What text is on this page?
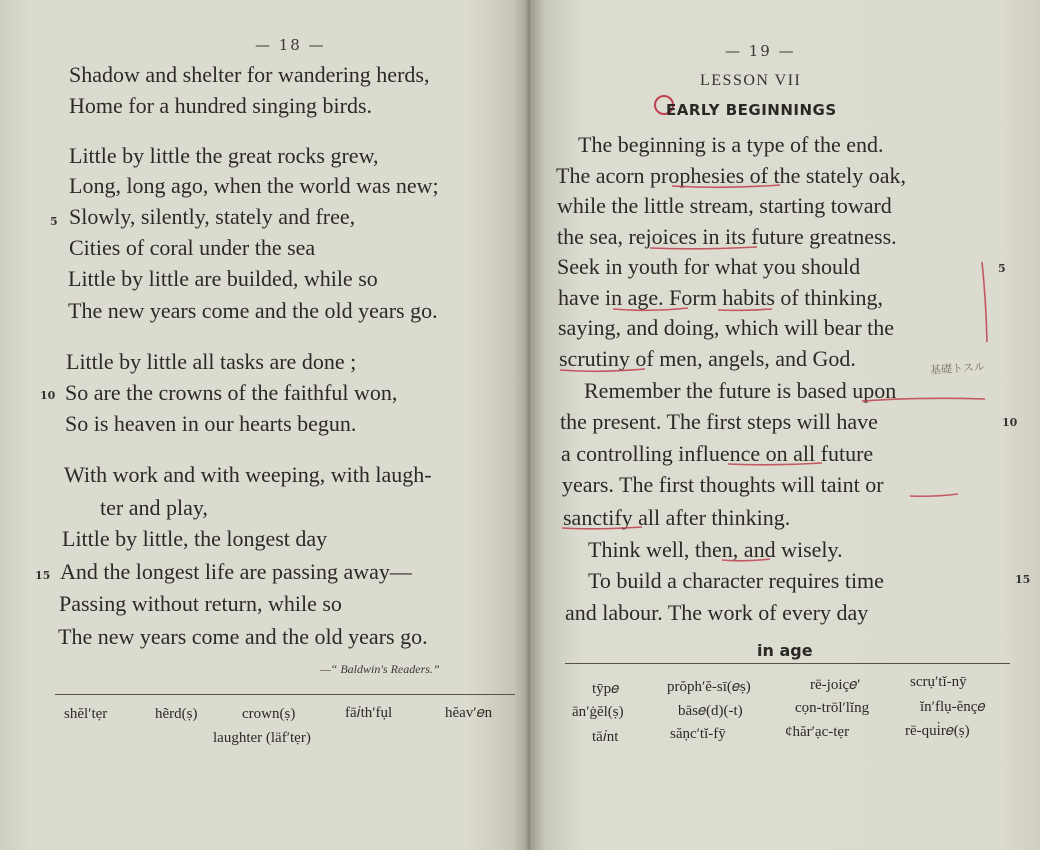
— 18 —
Shadow and shelter for wandering herds,
Home for a hundred singing birds.
Little by little the great rocks grew,
Long, long ago, when the world was new;
5 Slowly, silently, stately and free,
Cities of coral under the sea
Little by little are builded, while so
The new years come and the old years go.
Little by little all tasks are done ;
10 So are the crowns of the faithful won,
So is heaven in our hearts begun.
With work and with weeping, with laugh-
ter and play,
Little by little, the longest day
15 And the longest life are passing away—
Passing without return, while so
The new years come and the old years go.
—“ Baldwin's Readers.”
shĕl′tẹr	hẽrd(ṣ)	crown(ṣ)	fā𝑖th′fụl	hĕav′𝑒n
laughter (läf′tẹr)
— 19 —
LESSON VII
EARLY BEGINNINGS
The beginning is a type of the end.
The acorn prophesies of the stately oak,
while the little stream, starting toward
the sea, rejoices in its future greatness.
Seek in youth for what you should	5
have in age. Form habits of thinking,
saying, and doing, which will bear the
scrutiny of men, angels, and God.	基礎トスル
Remember the future is based upon
the present. The first steps will have	10
a controlling influence on all future
years. The first thoughts will taint or
sanctify all after thinking.
Think well, then, and wisely.
To build a character requires time	15
and labour. The work of every day
in age
tȳp𝑒	prŏph′ĕ-sī(𝑒ṣ)	rē-joiç𝑒′	scrụ′tĭ-nȳ
ān′ġĕl(ṣ)	bās𝑒(d)(-t)	cọn-trōl′lĭng	ĭn′flụ-ĕnç𝑒
tā𝑖nt	săṇc′tĭ-fȳ	ȼhăr′ạc-tẹr	rē-qui̇r𝑒(ṣ)
